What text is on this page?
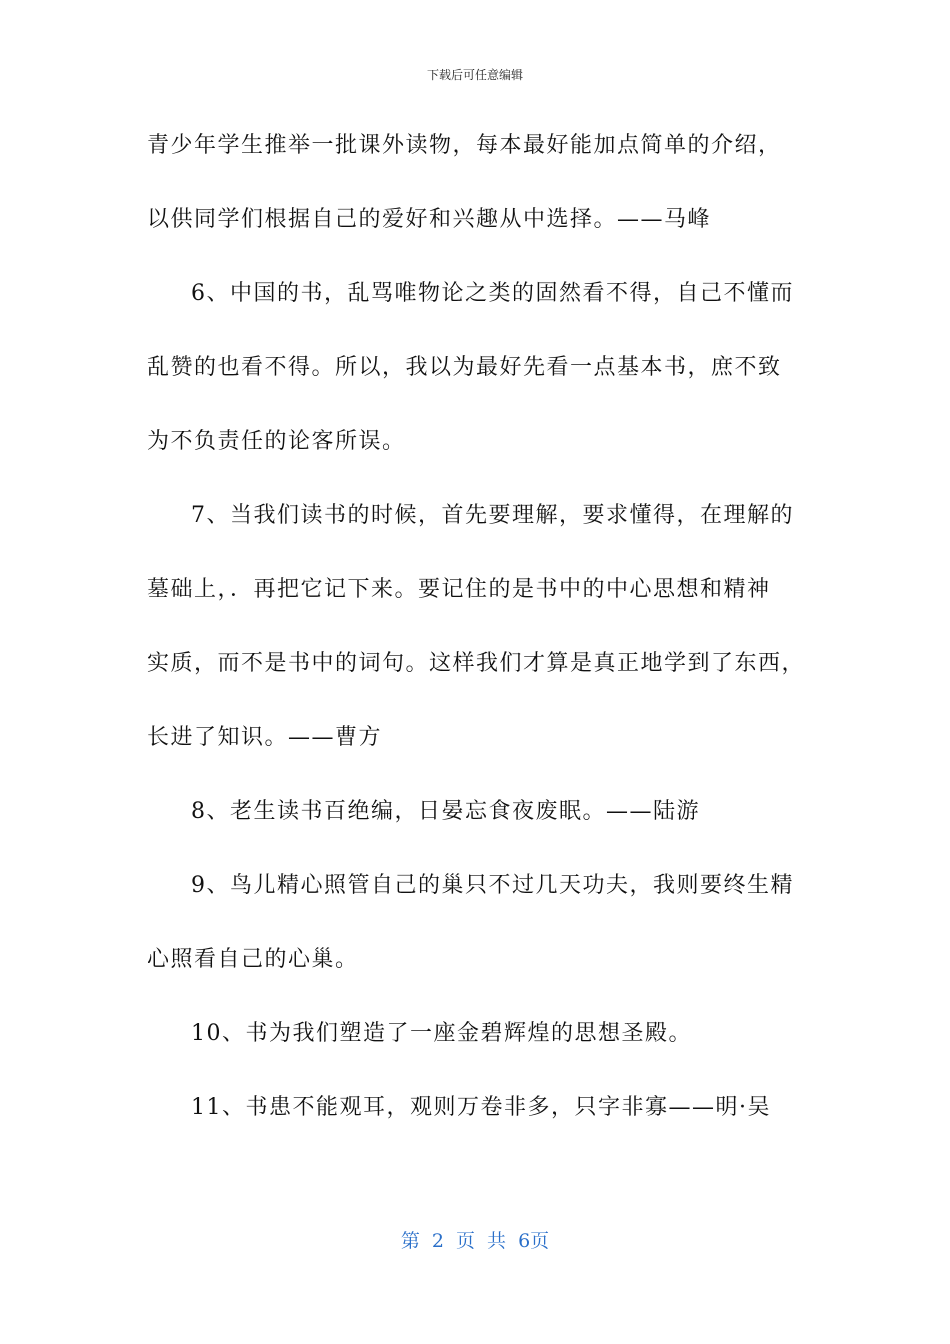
下载后可任意编辑
青少年学生推举一批课外读物，每本最好能加点简单的介绍，
以供同学们根据自己的爱好和兴趣从中选择。——马峰
6、中国的书，乱骂唯物论之类的固然看不得，自己不懂而
乱赞的也看不得。所以，我以为最好先看一点基本书，庶不致
为不负责任的论客所误。
7、当我们读书的时候，首先要理解，要求懂得，在理解的
墓础上，．再把它记下来。要记住的是书中的中心思想和精神
实质，而不是书中的词句。这样我们才算是真正地学到了东西，
长进了知识。——曹方
8、老生读书百绝编，日晏忘食夜废眠。——陆游
9、鸟儿精心照管自己的巢只不过几天功夫，我则要终生精
心照看自己的心巢。
10、书为我们塑造了一座金碧辉煌的思想圣殿。
11、书患不能观耳，观则万卷非多，只字非寡——明·吴
第 2 页 共 6页
